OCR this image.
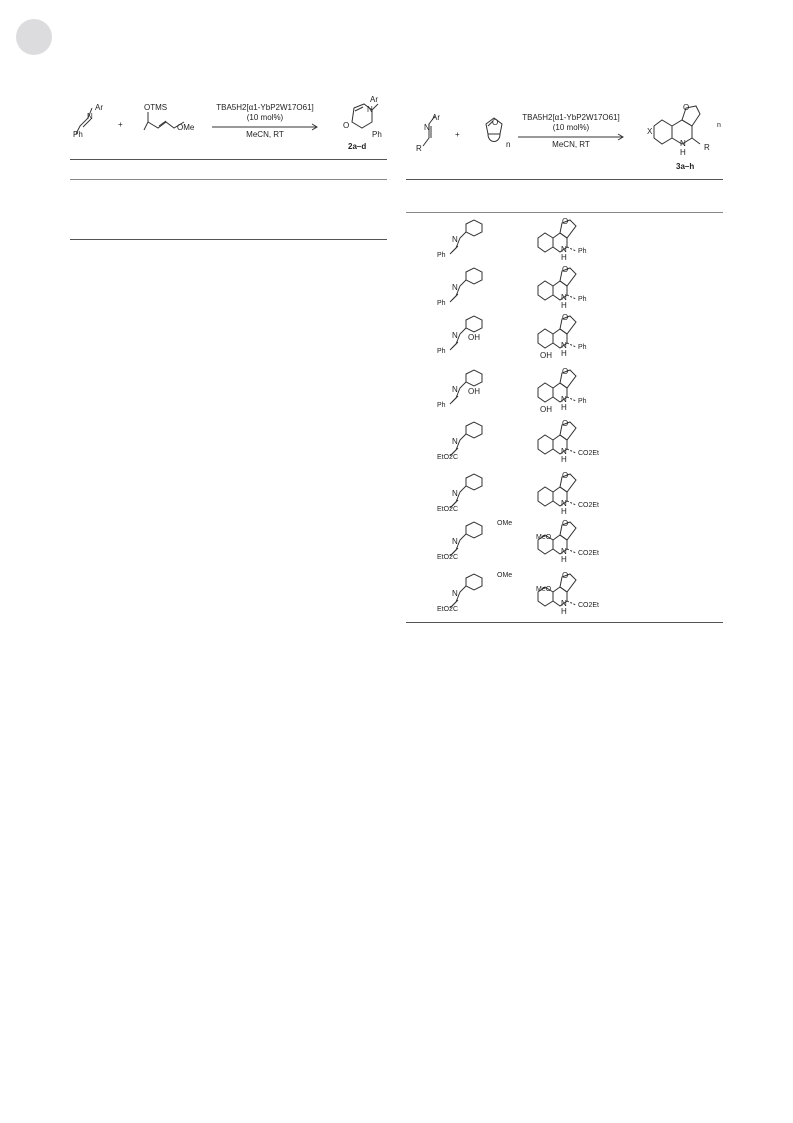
Ar
N
Ph
+
OTMS
OMe
TBA5H2[α1-YbP2W17O61]
(10 mol%)
MeCN, RT
Ar
N
O
Ph
2a–d
Ar
N
R
+
O
n
TBA5H2[α1-YbP2W17O61]
(10 mol%)
MeCN, RT
X
O
n
N
H
R
3a–h
N
Ph
O
N
H
Ph
N
Ph
O
N
H
Ph
N
Ph
OH
O
N
H
Ph
OH
N
Ph
OH
O
N
H
Ph
OH
N
EtO2C
O
N
H
CO2Et
N
EtO2C
O
N
H
CO2Et
N
EtO2C
OMe	O
N
H
CO2Et
MeO
N
EtO2C
OMe	O
N
H
CO2Et
MeO
